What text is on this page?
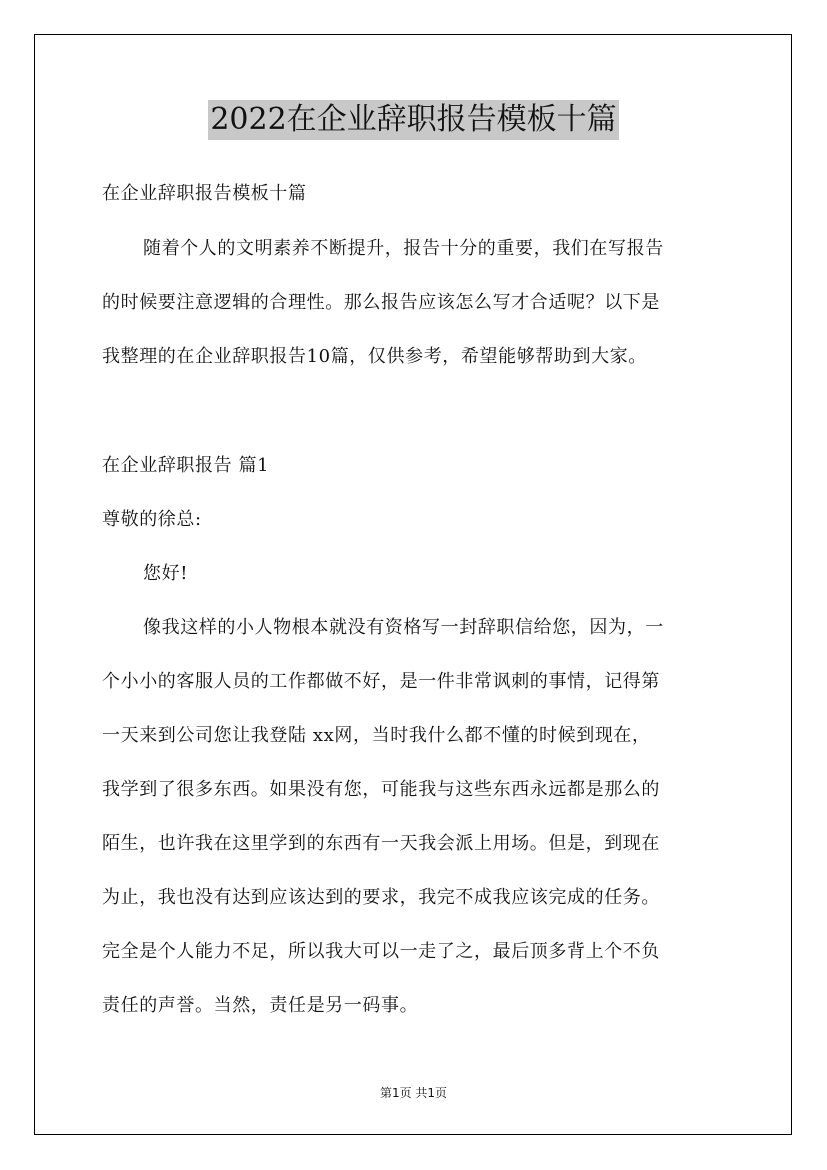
2022在企业辞职报告模板十篇
在企业辞职报告模板十篇
随着个人的文明素养不断提升，报告十分的重要，我们在写报告
的时候要注意逻辑的合理性。那么报告应该怎么写才合适呢？以下是
我整理的在企业辞职报告10篇，仅供参考，希望能够帮助到大家。
在企业辞职报告 篇1
尊敬的徐总:
您好!
像我这样的小人物根本就没有资格写一封辞职信给您，因为，一
个小小的客服人员的工作都做不好，是一件非常讽刺的事情，记得第
一天来到公司您让我登陆 xx网，当时我什么都不懂的时候到现在，
我学到了很多东西。如果没有您，可能我与这些东西永远都是那么的
陌生，也许我在这里学到的东西有一天我会派上用场。但是，到现在
为止，我也没有达到应该达到的要求，我完不成我应该完成的任务。
完全是个人能力不足，所以我大可以一走了之，最后顶多背上个不负
责任的声誉。当然，责任是另一码事。
第1页 共1页
